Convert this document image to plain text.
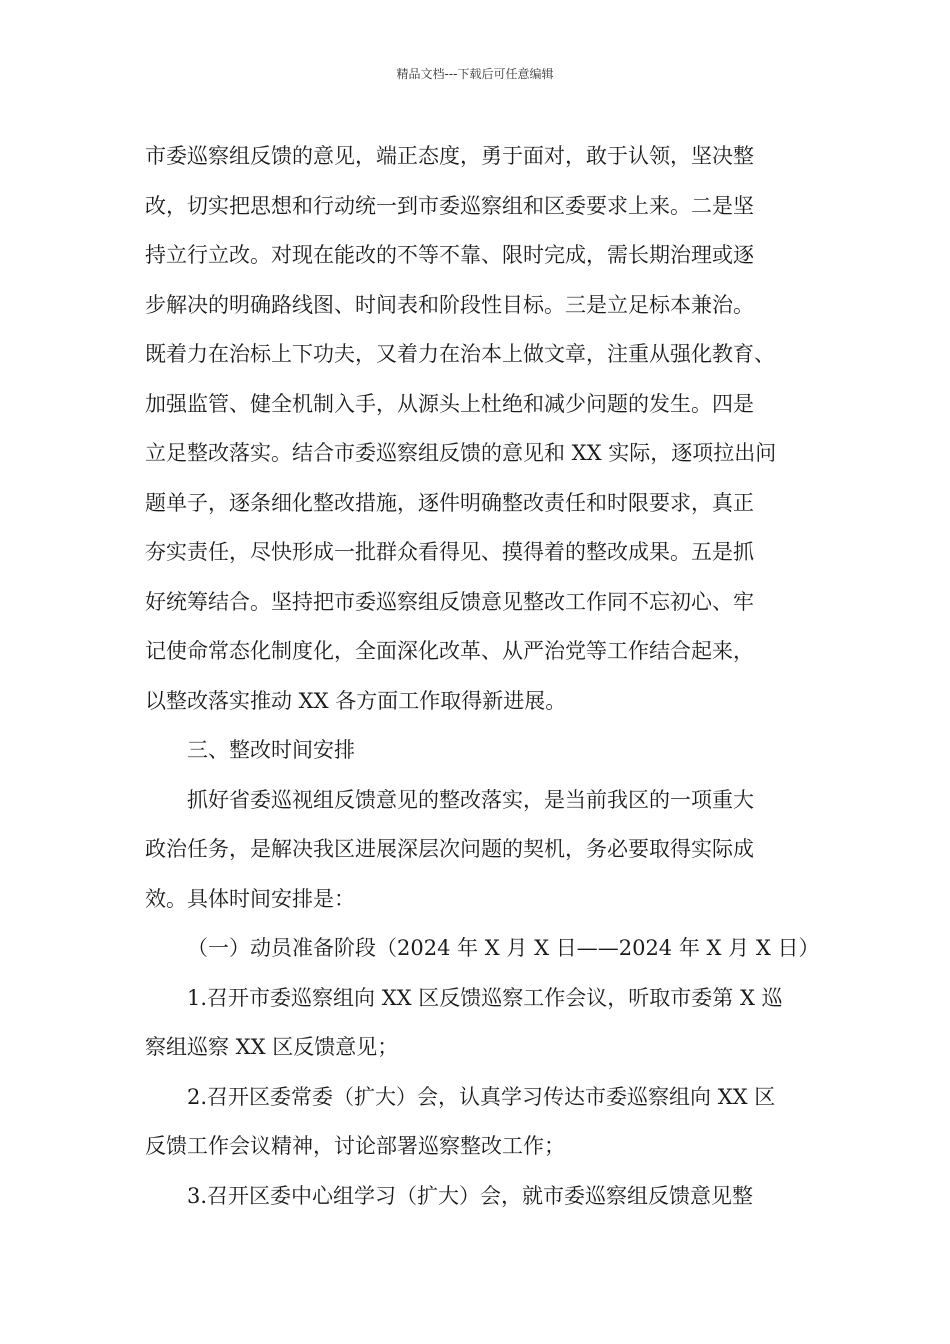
精品文档---下载后可任意编辑

市委巡察组反馈的意见，端正态度，勇于面对，敢于认领，坚决整
改，切实把思想和行动统一到市委巡察组和区委要求上来。二是坚
持立行立改。对现在能改的不等不靠、限时完成，需长期治理或逐
步解决的明确路线图、时间表和阶段性目标。三是立足标本兼治。
既着力在治标上下功夫，又着力在治本上做文章，注重从强化教育、
加强监管、健全机制入手，从源头上杜绝和减少问题的发生。四是
立足整改落实。结合市委巡察组反馈的意见和 XX 实际，逐项拉出问
题单子，逐条细化整改措施，逐件明确整改责任和时限要求，真正
夯实责任，尽快形成一批群众看得见、摸得着的整改成果。五是抓
好统筹结合。坚持把市委巡察组反馈意见整改工作同不忘初心、牢
记使命常态化制度化，全面深化改革、从严治党等工作结合起来，
以整改落实推动 XX 各方面工作取得新进展。

三、整改时间安排

抓好省委巡视组反馈意见的整改落实，是当前我区的一项重大
政治任务，是解决我区进展深层次问题的契机，务必要取得实际成
效。具体时间安排是：

（一）动员准备阶段（2024 年 X 月 X 日——2024 年 X 月 X 日）

1.召开市委巡察组向 XX 区反馈巡察工作会议，听取市委第 X 巡
察组巡察 XX 区反馈意见；

2.召开区委常委（扩大）会，认真学习传达市委巡察组向 XX 区
反馈工作会议精神，讨论部署巡察整改工作；

3.召开区委中心组学习（扩大）会，就市委巡察组反馈意见整
